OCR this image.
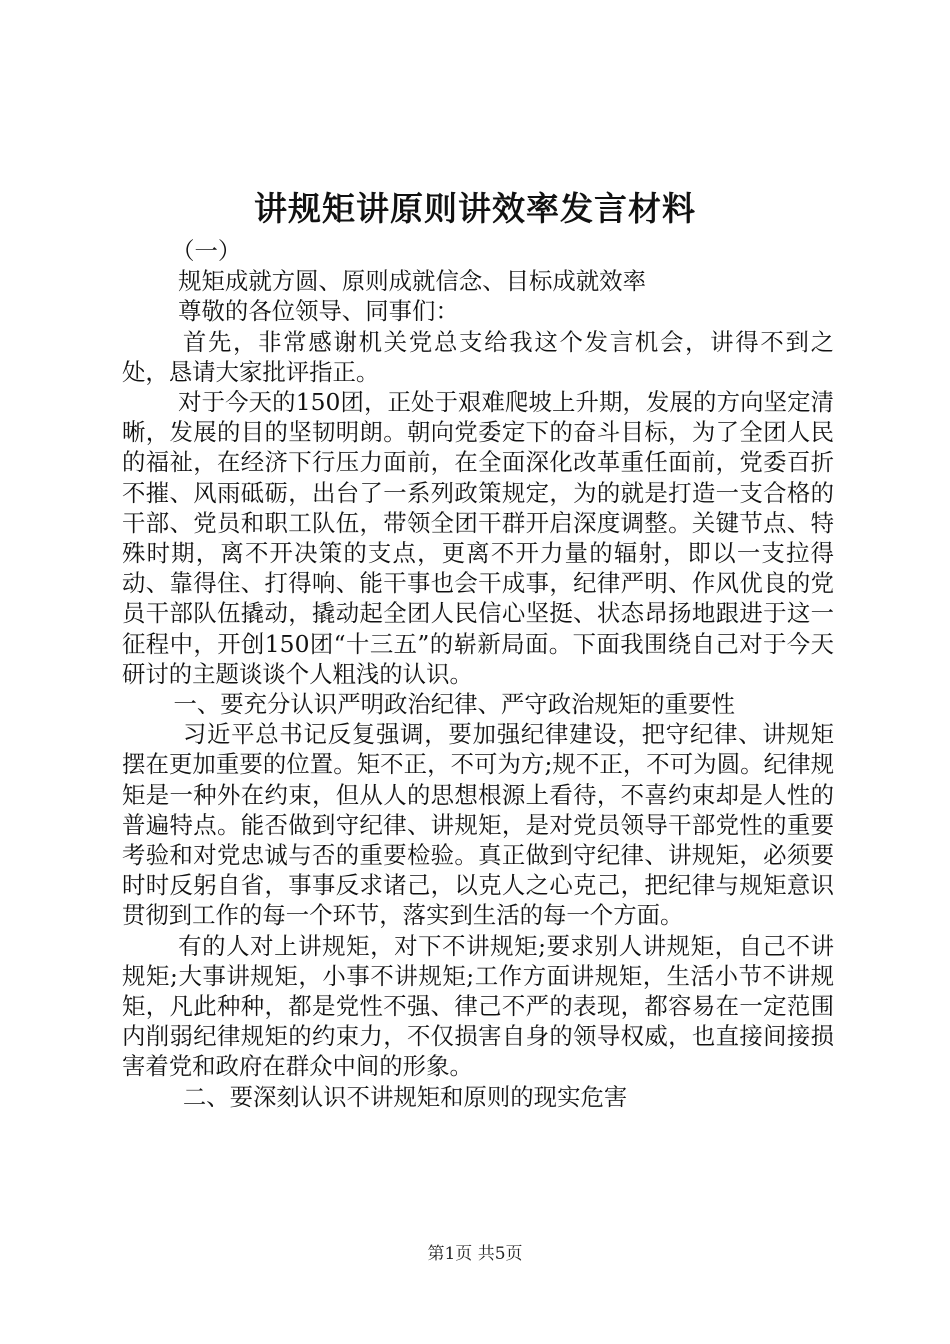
讲规矩讲原则讲效率发言材料

（一）

规矩成就方圆、原则成就信念、目标成就效率

尊敬的各位领导、同事们：

首先，非常感谢机关党总支给我这个发言机会，讲得不到之处，恳请大家批评指正。

对于今天的150团，正处于艰难爬坡上升期，发展的方向坚定清晰，发展的目的坚韧明朗。朝向党委定下的奋斗目标，为了全团人民的福祉，在经济下行压力面前，在全面深化改革重任面前，党委百折不摧、风雨砥砺，出台了一系列政策规定，为的就是打造一支合格的干部、党员和职工队伍，带领全团干群开启深度调整。关键节点、特殊时期，离不开决策的支点，更离不开力量的辐射，即以一支拉得动、靠得住、打得响、能干事也会干成事，纪律严明、作风优良的党员干部队伍撬动，撬动起全团人民信心坚挺、状态昂扬地跟进于这一征程中，开创150团“十三五”的崭新局面。下面我围绕自己对于今天研讨的主题谈谈个人粗浅的认识。

一、要充分认识严明政治纪律、严守政治规矩的重要性

习近平总书记反复强调，要加强纪律建设，把守纪律、讲规矩摆在更加重要的位置。矩不正，不可为方;规不正，不可为圆。纪律规矩是一种外在约束，但从人的思想根源上看待，不喜约束却是人性的普遍特点。能否做到守纪律、讲规矩，是对党员领导干部党性的重要考验和对党忠诚与否的重要检验。真正做到守纪律、讲规矩，必须要时时反躬自省，事事反求诸己，以克人之心克己，把纪律与规矩意识贯彻到工作的每一个环节，落实到生活的每一个方面。

有的人对上讲规矩，对下不讲规矩;要求别人讲规矩，自己不讲规矩;大事讲规矩，小事不讲规矩;工作方面讲规矩，生活小节不讲规矩，凡此种种，都是党性不强、律己不严的表现，都容易在一定范围内削弱纪律规矩的约束力，不仅损害自身的领导权威，也直接间接损害着党和政府在群众中间的形象。

二、要深刻认识不讲规矩和原则的现实危害

第1页 共5页
